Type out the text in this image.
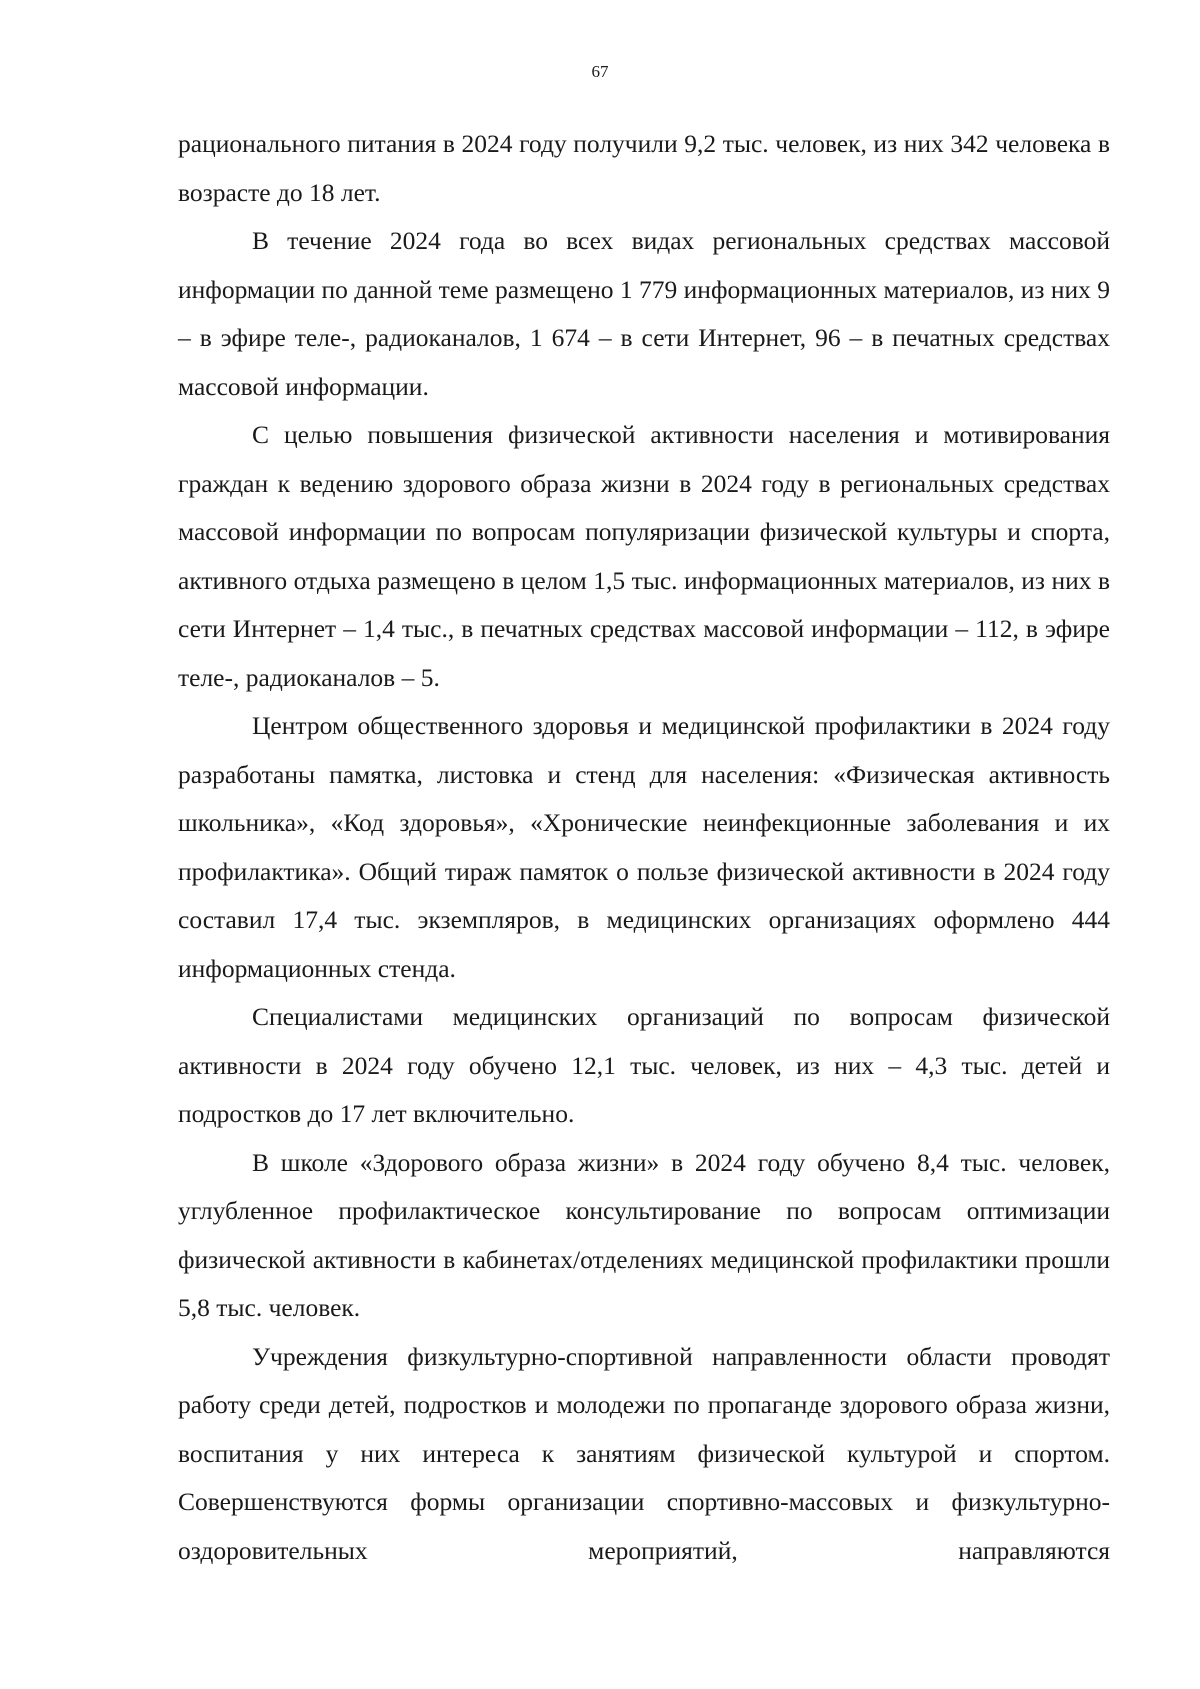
67

рационального питания в 2024 году получили 9,2 тыс. человек, из них 342 человека в возрасте до 18 лет.

В течение 2024 года во всех видах региональных средствах массовой информации по данной теме размещено 1 779 информационных материалов, из них 9 – в эфире теле-, радиоканалов, 1 674 – в сети Интернет, 96 – в печатных средствах массовой информации.

С целью повышения физической активности населения и мотивирования граждан к ведению здорового образа жизни в 2024 году в региональных средствах массовой информации по вопросам популяризации физической культуры и спорта, активного отдыха размещено в целом 1,5 тыс. информационных материалов, из них в сети Интернет – 1,4 тыс., в печатных средствах массовой информации – 112, в эфире теле-, радиоканалов – 5.

Центром общественного здоровья и медицинской профилактики в 2024 году разработаны памятка, листовка и стенд для населения: «Физическая активность школьника», «Код здоровья», «Хронические неинфекционные заболевания и их профилактика». Общий тираж памяток о пользе физической активности в 2024 году составил 17,4 тыс. экземпляров, в медицинских организациях оформлено 444 информационных стенда.

Специалистами медицинских организаций по вопросам физической активности в 2024 году обучено 12,1 тыс. человек, из них – 4,3 тыс. детей и подростков до 17 лет включительно.

В школе «Здорового образа жизни» в 2024 году обучено 8,4 тыс. человек, углубленное профилактическое консультирование по вопросам оптимизации физической активности в кабинетах/отделениях медицинской профилактики прошли 5,8 тыс. человек.

Учреждения физкультурно-спортивной направленности области проводят работу среди детей, подростков и молодежи по пропаганде здорового образа жизни, воспитания у них интереса к занятиям физической культурой и спортом. Совершенствуются формы организации спортивно-массовых и физкультурно-оздоровительных мероприятий, направляются
